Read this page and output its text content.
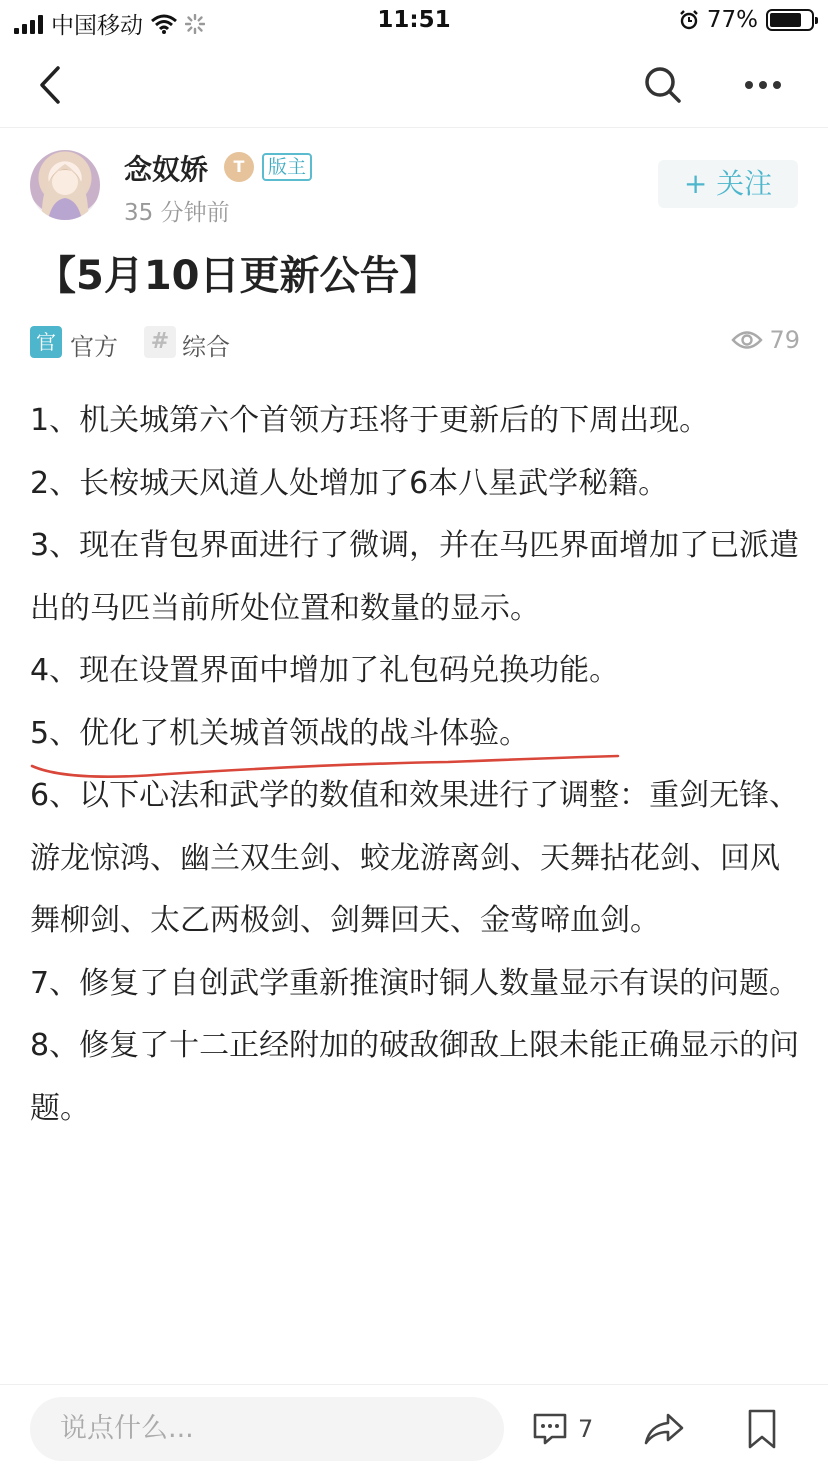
中国移动	11:51	77%
念奴娇	T	版主
35 分钟前
+ 关注
【5月10日更新公告】
官 官方	# 综合	79

1、机关城第六个首领方珏将于更新后的下周出现。

2、长桉城天风道人处增加了6本八星武学秘籍。

3、现在背包界面进行了微调，并在马匹界面增加了已派遣出的马匹当前所处位置和数量的显示。

4、现在设置界面中增加了礼包码兑换功能。

5、优化了机关城首领战的战斗体验。

6、以下心法和武学的数值和效果进行了调整：重剑无锋、游龙惊鸿、幽兰双生剑、蛟龙游离剑、天舞拈花剑、回风舞柳剑、太乙两极剑、剑舞回天、金莺啼血剑。

7、修复了自创武学重新推演时铜人数量显示有误的问题。

8、修复了十二正经附加的破敌御敌上限未能正确显示的问题。

说点什么...	7
